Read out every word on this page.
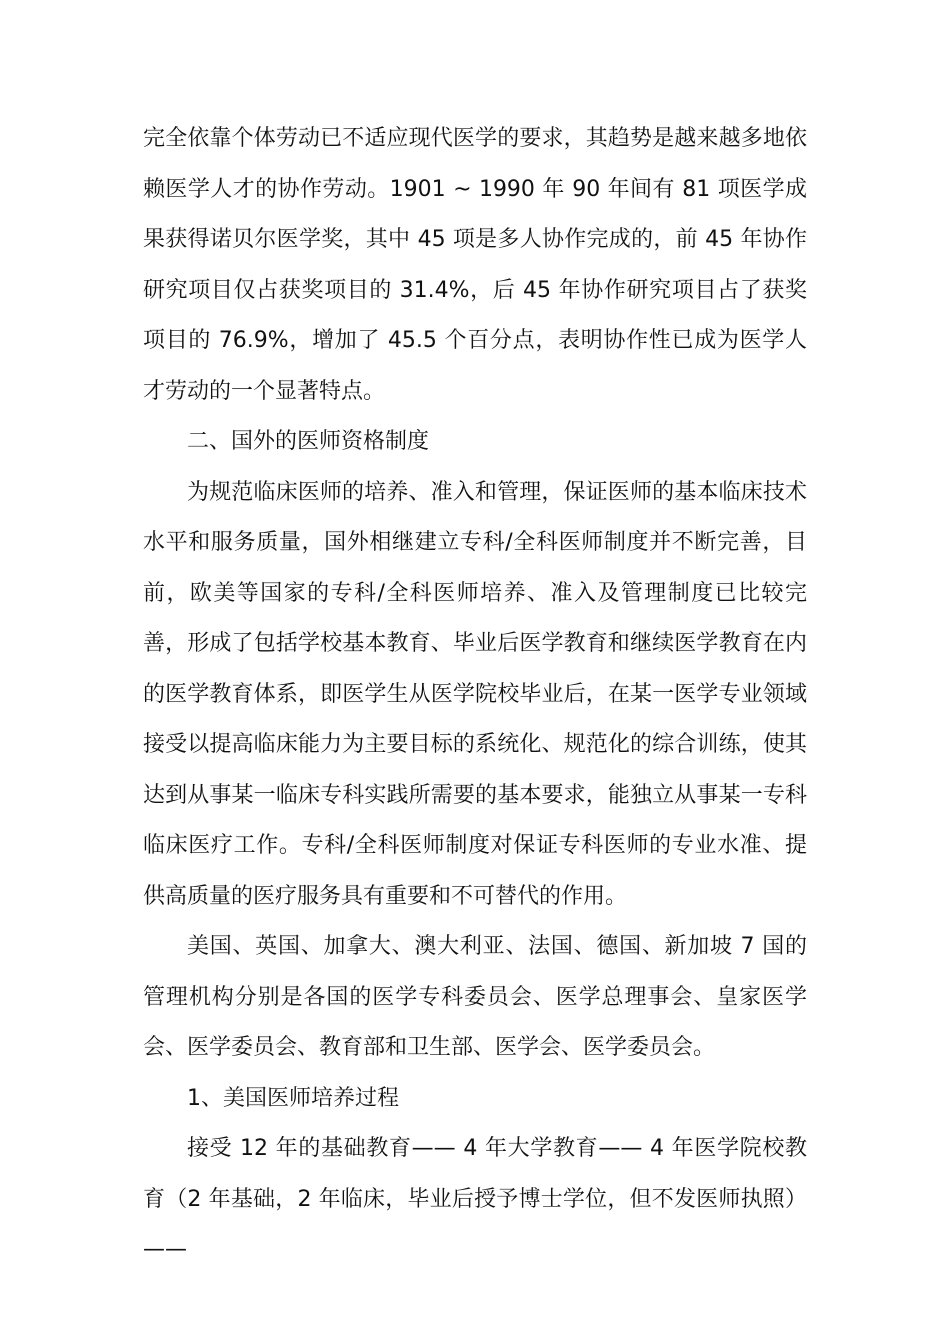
完全依靠个体劳动已不适应现代医学的要求，其趋势是越来越多地依赖医学人才的协作劳动。1901 ~ 1990 年 90 年间有 81 项医学成果获得诺贝尔医学奖，其中 45 项是多人协作完成的，前 45 年协作研究项目仅占获奖项目的 31.4%，后 45 年协作研究项目占了获奖项目的 76.9%，增加了 45.5 个百分点，表明协作性已成为医学人才劳动的一个显著特点。

二、国外的医师资格制度

为规范临床医师的培养、准入和管理，保证医师的基本临床技术水平和服务质量，国外相继建立专科/全科医师制度并不断完善，目前，欧美等国家的专科/全科医师培养、准入及管理制度已比较完善，形成了包括学校基本教育、毕业后医学教育和继续医学教育在内的医学教育体系，即医学生从医学院校毕业后，在某一医学专业领域接受以提高临床能力为主要目标的系统化、规范化的综合训练，使其达到从事某一临床专科实践所需要的基本要求，能独立从事某一专科临床医疗工作。专科/全科医师制度对保证专科医师的专业水准、提供高质量的医疗服务具有重要和不可替代的作用。

美国、英国、加拿大、澳大利亚、法国、德国、新加坡 7 国的管理机构分别是各国的医学专科委员会、医学总理事会、皇家医学会、医学委员会、教育部和卫生部、医学会、医学委员会。

1、美国医师培养过程

接受 12 年的基础教育—— 4 年大学教育—— 4 年医学院校教育（2 年基础，2 年临床，毕业后授予博士学位，但不发医师执照）——
